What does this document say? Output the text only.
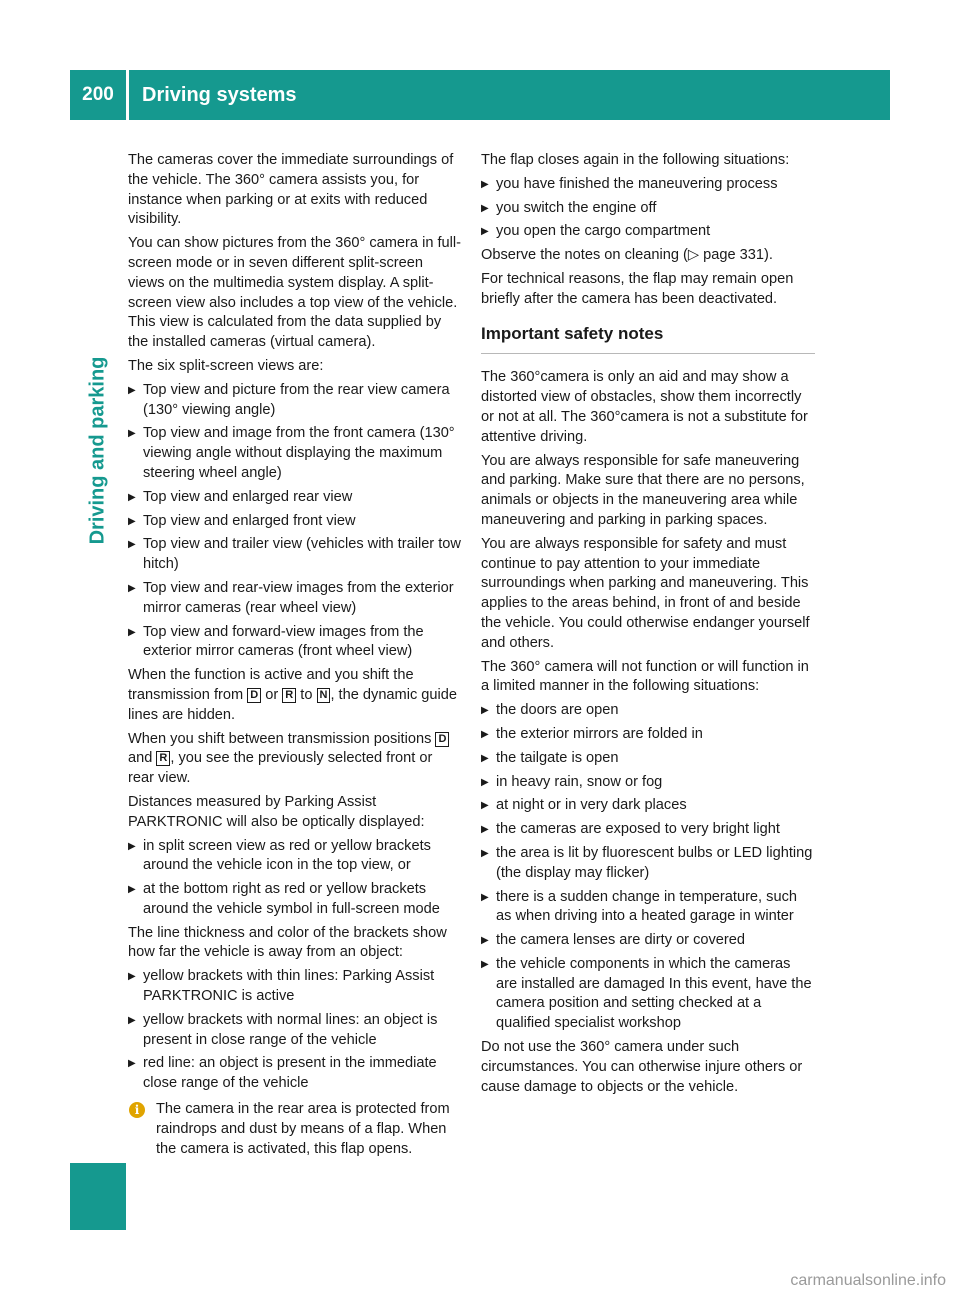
200	Driving systems
Driving and parking

The cameras cover the immediate surroundings of the vehicle. The 360° camera assists you, for instance when parking or at exits with reduced visibility.

You can show pictures from the 360° camera in full-screen mode or in seven different split-screen views on the multimedia system display. A split-screen view also includes a top view of the vehicle. This view is calculated from the data supplied by the installed cameras (virtual camera).

The six split-screen views are:

▶ Top view and picture from the rear view camera (130° viewing angle)
▶ Top view and image from the front camera (130° viewing angle without displaying the maximum steering wheel angle)
▶ Top view and enlarged rear view
▶ Top view and enlarged front view
▶ Top view and trailer view (vehicles with trailer tow hitch)
▶ Top view and rear-view images from the exterior mirror cameras (rear wheel view)
▶ Top view and forward-view images from the exterior mirror cameras (front wheel view)

When the function is active and you shift the transmission from D or R to N , the dynamic guide lines are hidden.

When you shift between transmission positions D and R , you see the previously selected front or rear view.

Distances measured by Parking Assist PARKTRONIC will also be optically displayed:

▶ in split screen view as red or yellow brackets around the vehicle icon in the top view, or
▶ at the bottom right as red or yellow brackets around the vehicle symbol in full-screen mode

The line thickness and color of the brackets show how far the vehicle is away from an object:

▶ yellow brackets with thin lines: Parking Assist PARKTRONIC is active
▶ yellow brackets with normal lines: an object is present in close range of the vehicle
▶ red line: an object is present in the immediate close range of the vehicle
i	The camera in the rear area is protected from raindrops and dust by means of a flap. When the camera is activated, this flap opens.

The flap closes again in the following situations:

▶ you have finished the maneuvering process
▶ you switch the engine off
▶ you open the cargo compartment

Observe the notes on cleaning (▷ page 331).

For technical reasons, the flap may remain open briefly after the camera has been deactivated.

Important safety notes

The 360°camera is only an aid and may show a distorted view of obstacles, show them incorrectly or not at all. The 360°camera is not a substitute for attentive driving.

You are always responsible for safe maneuvering and parking. Make sure that there are no persons, animals or objects in the maneuvering area while maneuvering and parking in parking spaces.

You are always responsible for safety and must continue to pay attention to your immediate surroundings when parking and maneuvering. This applies to the areas behind, in front of and beside the vehicle. You could otherwise endanger yourself and others.

The 360° camera will not function or will function in a limited manner in the following situations:

▶ the doors are open
▶ the exterior mirrors are folded in
▶ the tailgate is open
▶ in heavy rain, snow or fog
▶ at night or in very dark places
▶ the cameras are exposed to very bright light
▶ the area is lit by fluorescent bulbs or LED lighting (the display may flicker)
▶ there is a sudden change in temperature, such as when driving into a heated garage in winter
▶ the camera lenses are dirty or covered
▶ the vehicle components in which the cameras are installed are damaged In this event, have the camera position and setting checked at a qualified specialist workshop

Do not use the 360° camera under such circumstances. You can otherwise injure others or cause damage to objects or the vehicle.

carmanualsonline.info
